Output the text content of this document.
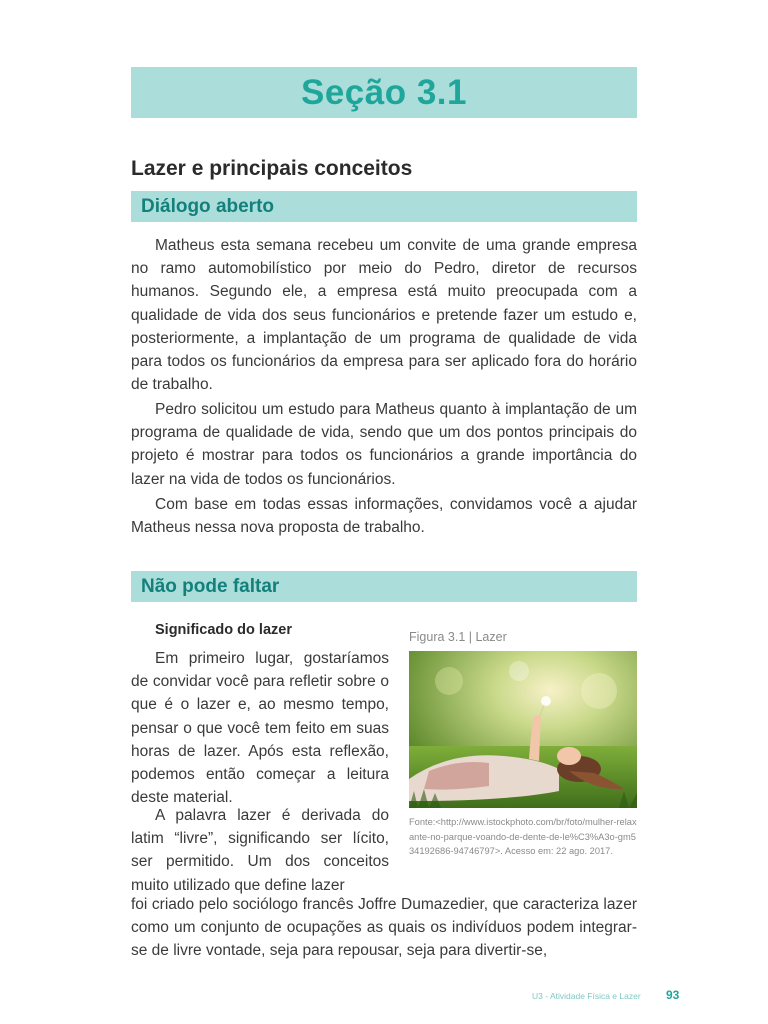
Seção 3.1
Lazer e principais conceitos
Diálogo aberto

Matheus esta semana recebeu um convite de uma grande empresa no ramo automobilístico por meio do Pedro, diretor de recursos humanos. Segundo ele, a empresa está muito preocupada com a qualidade de vida dos seus funcionários e pretende fazer um estudo e, posteriormente, a implantação de um programa de qualidade de vida para todos os funcionários da empresa para ser aplicado fora do horário de trabalho.

Pedro solicitou um estudo para Matheus quanto à implantação de um programa de qualidade de vida, sendo que um dos pontos principais do projeto é mostrar para todos os funcionários a grande importância do lazer na vida de todos os funcionários.

Com base em todas essas informações, convidamos você a ajudar Matheus nessa nova proposta de trabalho.

Não pode faltar
Significado do lazer

Em primeiro lugar, gostaríamos de convidar você para refletir sobre o que é o lazer e, ao mesmo tempo, pensar o que você tem feito em suas horas de lazer. Após esta reflexão, podemos então começar a leitura deste material.

A palavra lazer é derivada do latim “livre”, significando ser lícito, ser permitido. Um dos conceitos muito utilizado que define lazer

foi criado pelo sociólogo francês Joffre Dumazedier, que caracteriza lazer como um conjunto de ocupações as quais os indivíduos podem integrar-se de livre vontade, seja para repousar, seja para divertir-se,

Figura 3.1 | Lazer

Fonte:<http://www.istockphoto.com/br/foto/mulher-relaxante-no-parque-voando-de-dente-de-le%C3%A3o-gm534192686-94746797>. Acesso em: 22 ago. 2017.

U3 - Atividade Física e Lazer 93
